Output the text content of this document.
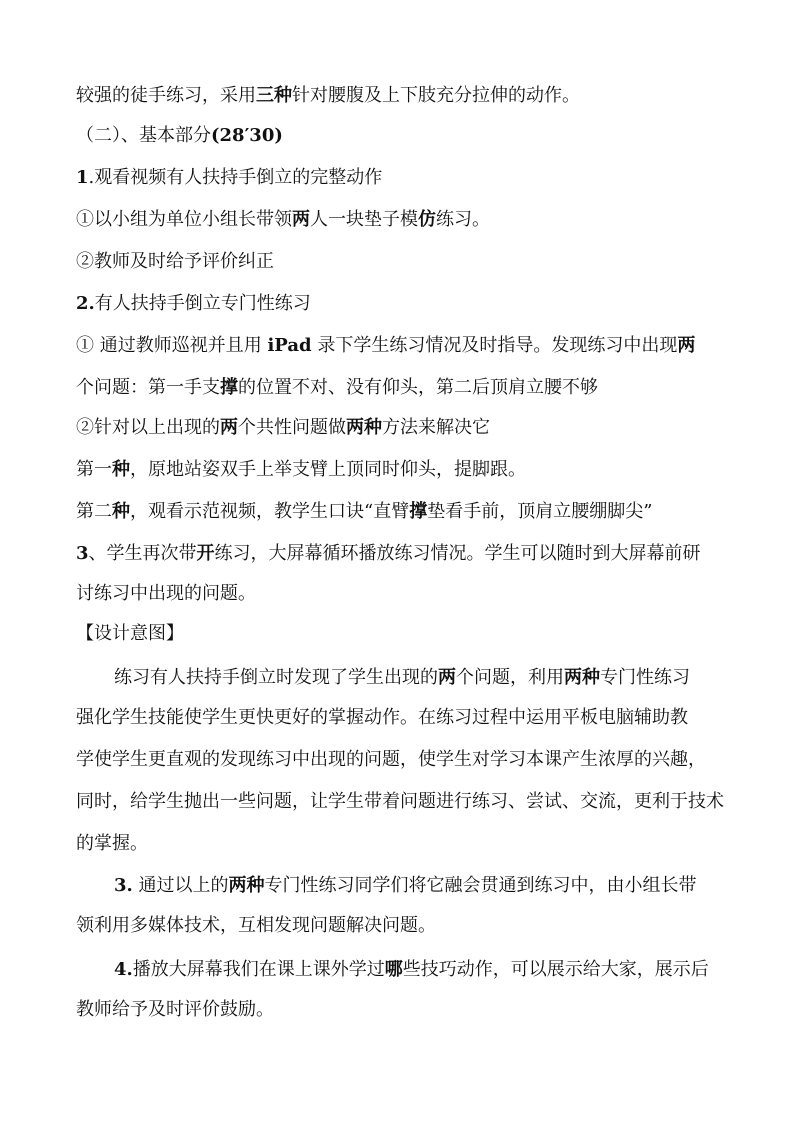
较强的徒手练习，采用三种针对腰腹及上下肢充分拉伸的动作。
（二）、基本部分(28′30)
1.观看视频有人扶持手倒立的完整动作
①以小组为单位小组长带领两人一块垫子模仿练习。
②教师及时给予评价纠正
2.有人扶持手倒立专门性练习
① 通过教师巡视并且用 iPad 录下学生练习情况及时指导。发现练习中出现两
个问题：第一手支撑的位置不对、没有仰头，第二后顶肩立腰不够
②针对以上出现的两个共性问题做两种方法来解决它
第一种，原地站姿双手上举支臂上顶同时仰头，提脚跟。
第二种，观看示范视频，教学生口诀“直臂撑垫看手前，顶肩立腰绷脚尖”
3、学生再次带开练习，大屏幕循环播放练习情况。学生可以随时到大屏幕前研
讨练习中出现的问题。
【设计意图】
练习有人扶持手倒立时发现了学生出现的两个问题，利用两种专门性练习
强化学生技能使学生更快更好的掌握动作。在练习过程中运用平板电脑辅助教
学使学生更直观的发现练习中出现的问题，使学生对学习本课产生浓厚的兴趣，
同时，给学生抛出一些问题，让学生带着问题进行练习、尝试、交流，更利于技术
的掌握。
3. 通过以上的两种专门性练习同学们将它融会贯通到练习中，由小组长带
领利用多媒体技术，互相发现问题解决问题。
4.播放大屏幕我们在课上课外学过哪些技巧动作，可以展示给大家，展示后
教师给予及时评价鼓励。
